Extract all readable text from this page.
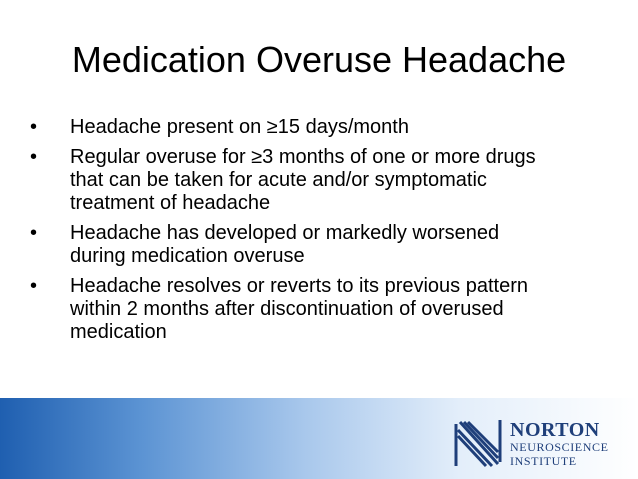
Medication Overuse Headache
•	Headache present on ≥15 days/month
•	Regular overuse for ≥3 months of one or more drugs
that can be taken for acute and/or symptomatic
treatment of headache
•	Headache has developed or markedly worsened
during medication overuse
•	Headache resolves or reverts to its previous pattern
within 2 months after discontinuation of overused
medication
NORTON
NEUROSCIENCE
INSTITUTE
